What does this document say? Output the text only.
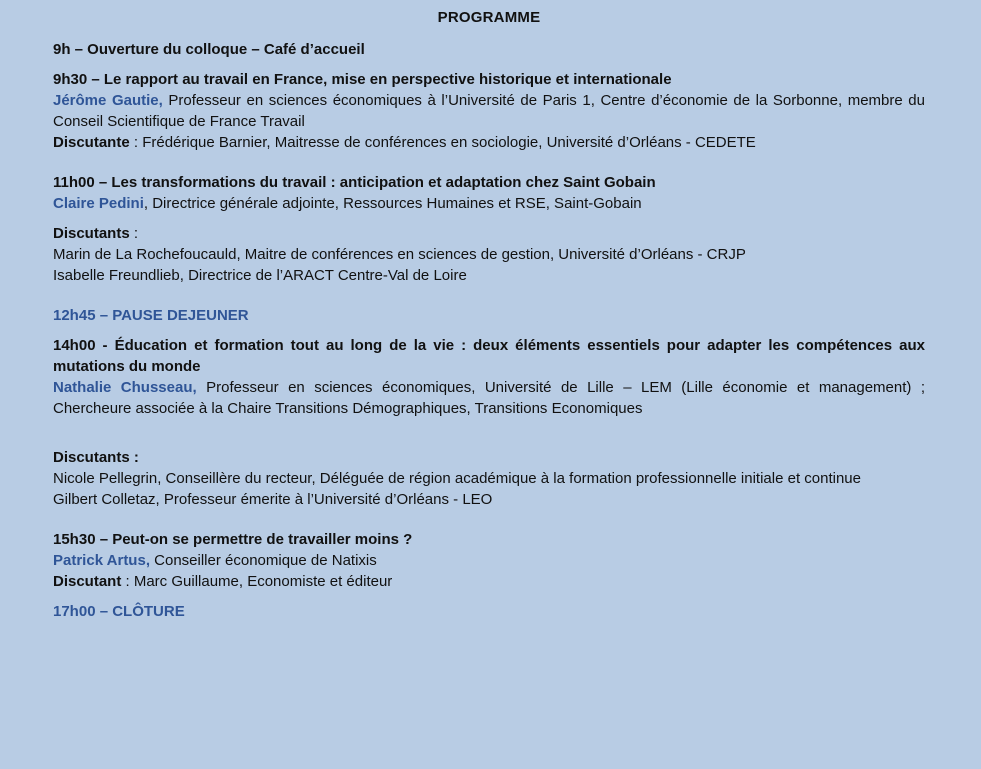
PROGRAMME

9h – Ouverture du colloque – Café d’accueil

9h30 – Le rapport au travail en France, mise en perspective historique et internationale

Jérôme Gautie, Professeur en sciences économiques à l’Université de Paris 1, Centre d’économie de la Sorbonne, membre du Conseil Scientifique de France Travail

Discutante : Frédérique Barnier, Maitresse de conférences en sociologie, Université d’Orléans - CEDETE

11h00 – Les transformations du travail : anticipation et adaptation chez Saint Gobain

Claire Pedini, Directrice générale adjointe, Ressources Humaines et RSE, Saint-Gobain

Discutants :

Marin de La Rochefoucauld, Maitre de conférences en sciences de gestion, Université d’Orléans - CRJP

Isabelle Freundlieb, Directrice de l’ARACT Centre-Val de Loire

12h45 – PAUSE DEJEUNER

14h00 - Éducation et formation tout au long de la vie : deux éléments essentiels pour adapter les compétences aux mutations du monde

Nathalie Chusseau, Professeur en sciences économiques, Université de Lille – LEM (Lille économie et management) ; Chercheure associée à la Chaire Transitions Démographiques, Transitions Economiques

Discutants :

Nicole Pellegrin, Conseillère du recteur, Déléguée de région académique à la formation professionnelle initiale et continue

Gilbert Colletaz, Professeur émerite à l’Université d’Orléans - LEO

15h30 – Peut-on se permettre de travailler moins ?

Patrick Artus, Conseiller économique de Natixis

Discutant : Marc Guillaume, Economiste et éditeur

17h00 – CLÔTURE
